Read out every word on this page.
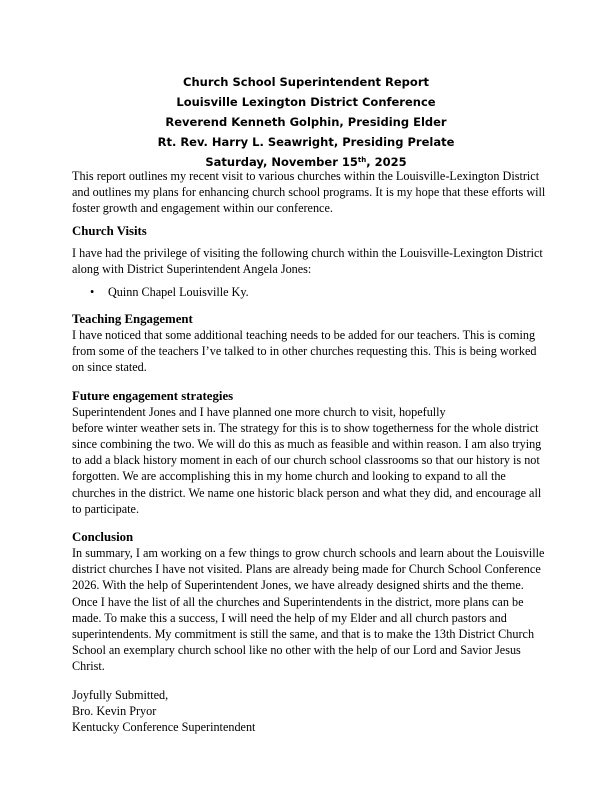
Church School Superintendent Report
Louisville Lexington District Conference
Reverend Kenneth Golphin, Presiding Elder
Rt. Rev. Harry L. Seawright, Presiding Prelate
Saturday, November 15th, 2025

This report outlines my recent visit to various churches within the Louisville-Lexington District and outlines my plans for enhancing church school programs. It is my hope that these efforts will foster growth and engagement within our conference.

Church Visits

I have had the privilege of visiting the following church within the Louisville-Lexington District along with District Superintendent Angela Jones:

• Quinn Chapel Louisville Ky.

Teaching Engagement

I have noticed that some additional teaching needs to be added for our teachers. This is coming from some of the teachers I’ve talked to in other churches requesting this. This is being worked on since stated.

Future engagement strategies

Superintendent Jones and I have planned one more church to visit, hopefully

before winter weather sets in. The strategy for this is to show togetherness for the whole district since combining the two. We will do this as much as feasible and within reason. I am also trying to add a black history moment in each of our church school classrooms so that our history is not forgotten. We are accomplishing this in my home church and looking to expand to all the churches in the district. We name one historic black person and what they did, and encourage all to participate.

Conclusion

In summary, I am working on a few things to grow church schools and learn about the Louisville district churches I have not visited. Plans are already being made for Church School Conference 2026. With the help of Superintendent Jones, we have already designed shirts and the theme. Once I have the list of all the churches and Superintendents in the district, more plans can be made. To make this a success, I will need the help of my Elder and all church pastors and superintendents. My commitment is still the same, and that is to make the 13th District Church School an exemplary church school like no other with the help of our Lord and Savior Jesus Christ.

Joyfully Submitted,
Bro. Kevin Pryor
Kentucky Conference Superintendent
